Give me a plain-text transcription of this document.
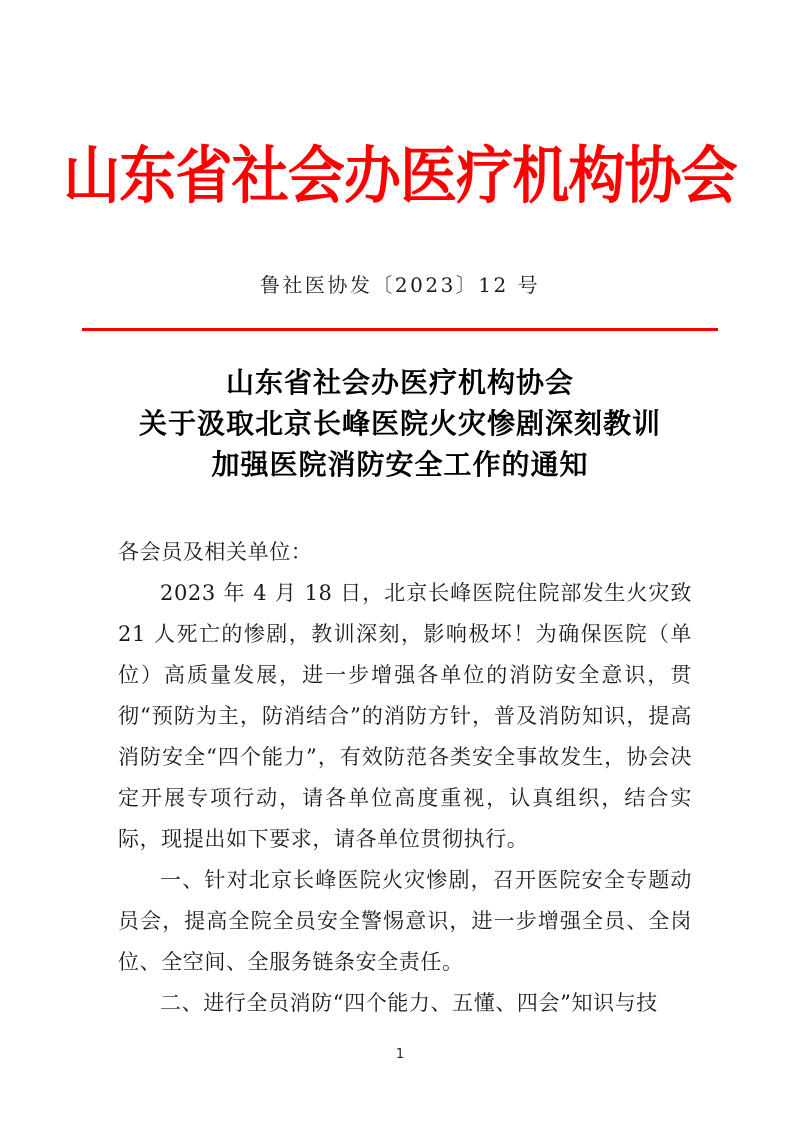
山东省社会办医疗机构协会
鲁社医协发〔2023〕12 号
山东省社会办医疗机构协会
关于汲取北京长峰医院火灾惨剧深刻教训
加强医院消防安全工作的通知

各会员及相关单位：

2023 年 4 月 18 日，北京长峰医院住院部发生火灾致 21 人死亡的惨剧，教训深刻，影响极坏！为确保医院（单位）高质量发展，进一步增强各单位的消防安全意识，贯彻“预防为主，防消结合”的消防方针，普及消防知识，提高消防安全“四个能力”，有效防范各类安全事故发生，协会决定开展专项行动，请各单位高度重视，认真组织，结合实际，现提出如下要求，请各单位贯彻执行。

一、针对北京长峰医院火灾惨剧，召开医院安全专题动员会，提高全院全员安全警惕意识，进一步增强全员、全岗位、全空间、全服务链条安全责任。

二、进行全员消防“四个能力、五懂、四会”知识与技

1
